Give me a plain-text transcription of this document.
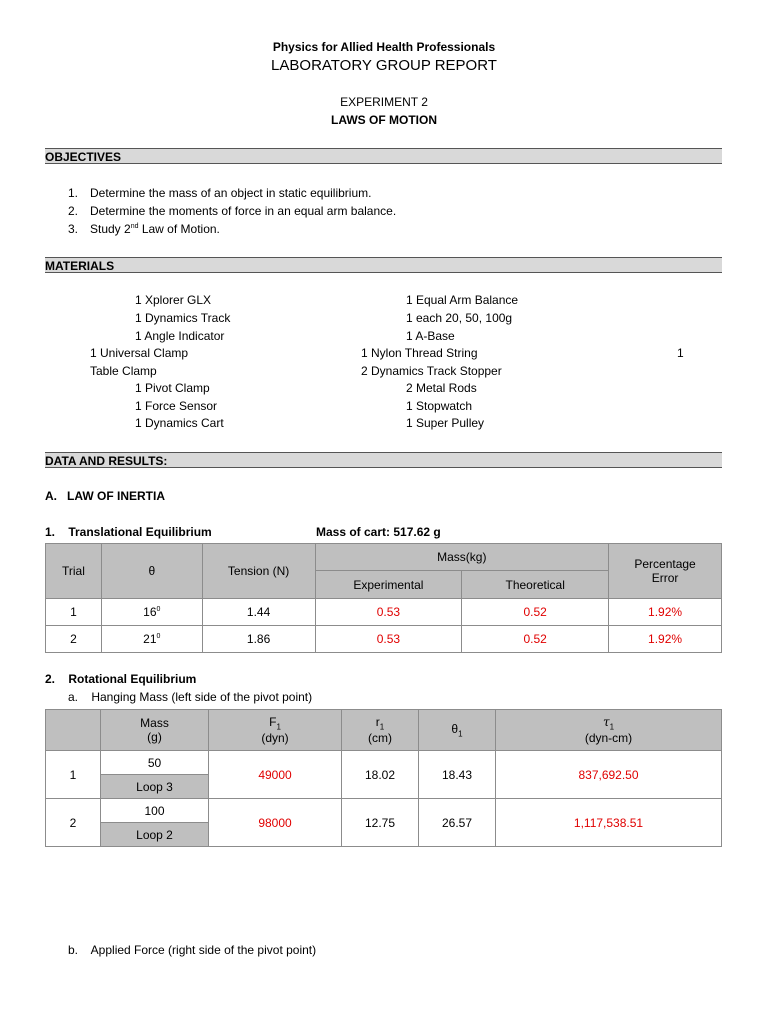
Physics for Allied Health Professionals
LABORATORY GROUP REPORT
EXPERIMENT 2
LAWS OF MOTION
OBJECTIVES
1. Determine the mass of an object in static equilibrium.
2. Determine the moments of force in an equal arm balance.
3. Study 2nd Law of Motion.
MATERIALS
1 Xplorer GLX	1 Equal Arm Balance
1 Dynamics Track	1 each 20, 50, 100g
1 Angle Indicator	1 A-Base
1 Universal Clamp	1 Nylon Thread String	1
Table Clamp	2 Dynamics Track Stopper
1 Pivot Clamp	2 Metal Rods
1 Force Sensor	1 Stopwatch
1 Dynamics Cart	1 Super Pulley
DATA AND RESULTS:
A.   LAW OF INERTIA
1.    Translational Equilibrium	Mass of cart: 517.62 g
Trial	θ	Tension (N)	Mass(kg)		Percentage
Error
			Experimental	Theoretical	
1	$16^0$	1.44	0.53	0.52	1.92%
2	$21^0$	1.86	0.53	0.52	1.92%
2.    Rotational Equilibrium
a.    Hanging Mass (left side of the pivot point)
	Mass
(g)	$F_1$
(dyn)	$r_1$
(cm)	$\theta_1$	$\tau_1$
(dyn-cm)
1	50	49000	18.02	18.43	837,692.50
	Loop 3				
2	100	98000	12.75	26.57	1,117,538.51
	Loop 2				
b.    Applied Force (right side of the pivot point)
